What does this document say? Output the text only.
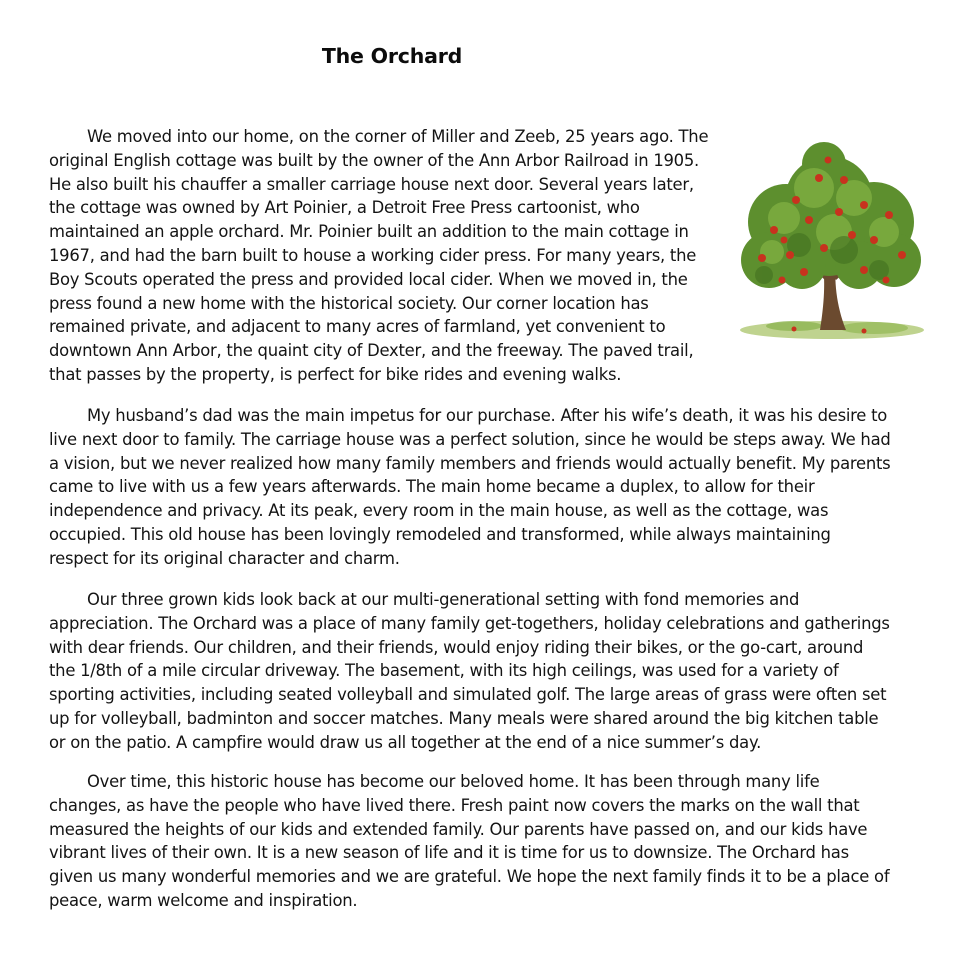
The Orchard
We moved into our home, on the corner of Miller and Zeeb, 25 years ago. The
original English cottage was built by the owner of the Ann Arbor Railroad in 1905.
He also built his chauffer a smaller carriage house next door. Several years later,
the cottage was owned by Art Poinier, a Detroit Free Press cartoonist, who
maintained an apple orchard. Mr. Poinier built an addition to the main cottage in
1967, and had the barn built to house a working cider press. For many years, the
Boy Scouts operated the press and provided local cider. When we moved in, the
press found a new home with the historical society. Our corner location has
remained private, and adjacent to many acres of farmland, yet convenient to
downtown Ann Arbor, the quaint city of Dexter, and the freeway. The paved trail,
that passes by the property, is perfect for bike rides and evening walks.
My husband’s dad was the main impetus for our purchase. After his wife’s death, it was his desire to
live next door to family. The carriage house was a perfect solution, since he would be steps away. We had
a vision, but we never realized how many family members and friends would actually benefit. My parents
came to live with us a few years afterwards. The main home became a duplex, to allow for their
independence and privacy. At its peak, every room in the main house, as well as the cottage, was
occupied. This old house has been lovingly remodeled and transformed, while always maintaining
respect for its original character and charm.
Our three grown kids look back at our multi-generational setting with fond memories and
appreciation. The Orchard was a place of many family get-togethers, holiday celebrations and gatherings
with dear friends. Our children, and their friends, would enjoy riding their bikes, or the go-cart, around
the 1/8th of a mile circular driveway. The basement, with its high ceilings, was used for a variety of
sporting activities, including seated volleyball and simulated golf. The large areas of grass were often set
up for volleyball, badminton and soccer matches. Many meals were shared around the big kitchen table
or on the patio. A campfire would draw us all together at the end of a nice summer’s day.
Over time, this historic house has become our beloved home. It has been through many life
changes, as have the people who have lived there. Fresh paint now covers the marks on the wall that
measured the heights of our kids and extended family. Our parents have passed on, and our kids have
vibrant lives of their own. It is a new season of life and it is time for us to downsize. The Orchard has
given us many wonderful memories and we are grateful. We hope the next family finds it to be a place of
peace, warm welcome and inspiration.
